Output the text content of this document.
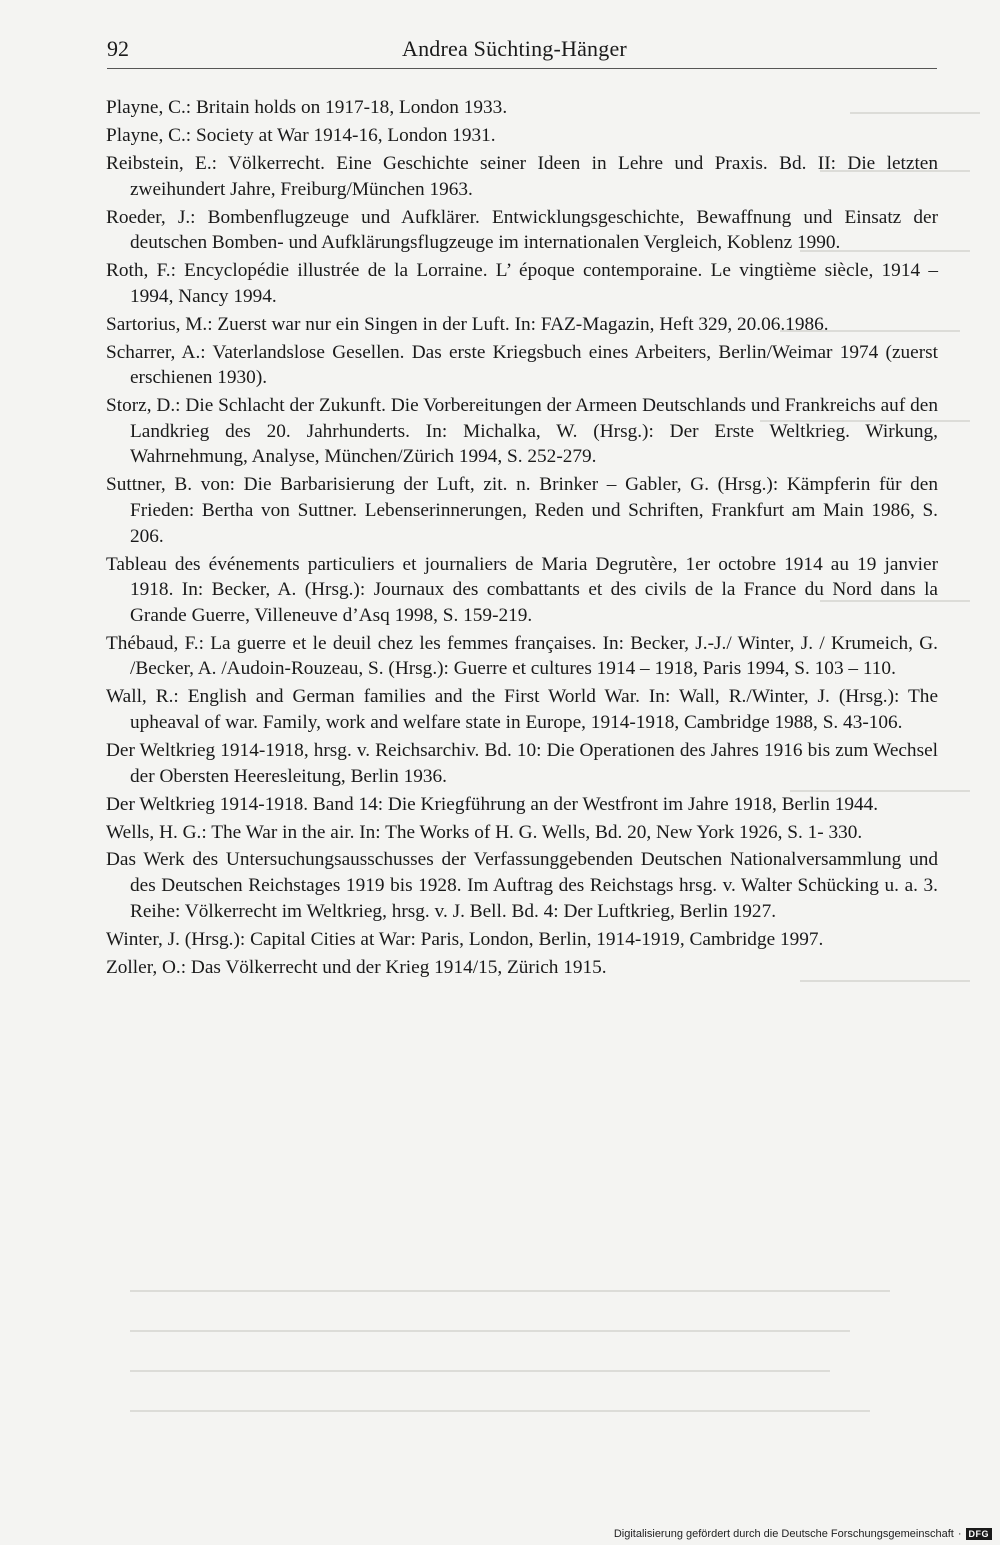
92	Andrea Süchting-Hänger
Playne, C.: Britain holds on 1917-18, London 1933.
Playne, C.: Society at War 1914-16, London 1931.
Reibstein, E.: Völkerrecht. Eine Geschichte seiner Ideen in Lehre und Praxis. Bd. II: Die letzten zweihundert Jahre, Freiburg/München 1963.
Roeder, J.: Bombenflugzeuge und Aufklärer. Entwicklungsgeschichte, Bewaffnung und Einsatz der deutschen Bomben- und Aufklärungsflugzeuge im internationalen Vergleich, Koblenz 1990.
Roth, F.: Encyclopédie illustrée de la Lorraine. L’ époque contemporaine. Le vingtième siècle, 1914 – 1994, Nancy 1994.
Sartorius, M.: Zuerst war nur ein Singen in der Luft. In: FAZ-Magazin, Heft 329, 20.06.1986.
Scharrer, A.: Vaterlandslose Gesellen. Das erste Kriegsbuch eines Arbeiters, Berlin/Weimar 1974 (zuerst erschienen 1930).
Storz, D.: Die Schlacht der Zukunft. Die Vorbereitungen der Armeen Deutschlands und Frankreichs auf den Landkrieg des 20. Jahrhunderts. In: Michalka, W. (Hrsg.): Der Erste Weltkrieg. Wirkung, Wahrnehmung, Analyse, München/Zürich 1994, S. 252-279.
Suttner, B. von: Die Barbarisierung der Luft, zit. n. Brinker – Gabler, G. (Hrsg.): Kämpferin für den Frieden: Bertha von Suttner. Lebenserinnerungen, Reden und Schriften, Frankfurt am Main 1986, S. 206.
Tableau des événements particuliers et journaliers de Maria Degrutère, 1er octobre 1914 au 19 janvier 1918. In: Becker, A. (Hrsg.): Journaux des combattants et des civils de la France du Nord dans la Grande Guerre, Villeneuve d’Asq 1998, S. 159-219.
Thébaud, F.: La guerre et le deuil chez les femmes françaises. In: Becker, J.-J./ Winter, J. / Krumeich, G. /Becker, A. /Audoin-Rouzeau, S. (Hrsg.): Guerre et cultures 1914 – 1918, Paris 1994, S. 103 – 110.
Wall, R.: English and German families and the First World War. In: Wall, R./Winter, J. (Hrsg.): The upheaval of war. Family, work and welfare state in Europe, 1914-1918, Cambridge 1988, S. 43-106.
Der Weltkrieg 1914-1918, hrsg. v. Reichsarchiv. Bd. 10: Die Operationen des Jahres 1916 bis zum Wechsel der Obersten Heeresleitung, Berlin 1936.
Der Weltkrieg 1914-1918. Band 14: Die Kriegführung an der Westfront im Jahre 1918, Berlin 1944.
Wells, H. G.: The War in the air. In: The Works of H. G. Wells, Bd. 20, New York 1926, S. 1- 330.
Das Werk des Untersuchungsausschusses der Verfassunggebenden Deutschen Nationalversammlung und des Deutschen Reichstages 1919 bis 1928. Im Auftrag des Reichstags hrsg. v. Walter Schücking u. a. 3. Reihe: Völkerrecht im Weltkrieg, hrsg. v. J. Bell. Bd. 4: Der Luftkrieg, Berlin 1927.
Winter, J. (Hrsg.): Capital Cities at War: Paris, London, Berlin, 1914-1919, Cambridge 1997.
Zoller, O.: Das Völkerrecht und der Krieg 1914/15, Zürich 1915.
Digitalisierung gefördert durch die Deutsche Forschungsgemeinschaft · DFG
